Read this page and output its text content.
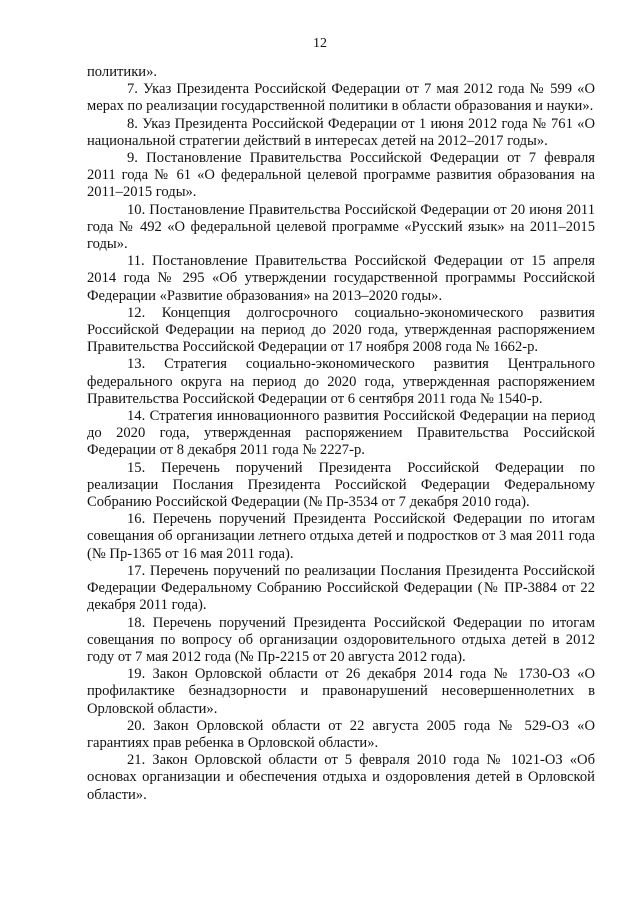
12

политики».

7. Указ Президента Российской Федерации от 7 мая 2012 года № 599 «О мерах по реализации государственной политики в области образования и науки».

8. Указ Президента Российской Федерации от 1 июня 2012 года № 761 «О национальной стратегии действий в интересах детей на 2012–2017 годы».

9. Постановление Правительства Российской Федерации от 7 февраля 2011 года № 61 «О федеральной целевой программе развития образования на 2011–2015 годы».

10. Постановление Правительства Российской Федерации от 20 июня 2011 года № 492 «О федеральной целевой программе «Русский язык» на 2011–2015 годы».

11. Постановление Правительства Российской Федерации от 15 апреля 2014 года № 295 «Об утверждении государственной программы Российской Федерации «Развитие образования» на 2013–2020 годы».

12. Концепция долгосрочного социально-экономического развития Российской Федерации на период до 2020 года, утвержденная распоряжением Правительства Российской Федерации от 17 ноября 2008 года № 1662-р.

13. Стратегия социально-экономического развития Центрального федерального округа на период до 2020 года, утвержденная распоряжением Правительства Российской Федерации от 6 сентября 2011 года № 1540-р.

14. Стратегия инновационного развития Российской Федерации на период до 2020 года, утвержденная распоряжением Правительства Российской Федерации от 8 декабря 2011 года № 2227-р.

15. Перечень поручений Президента Российской Федерации по реализации Послания Президента Российской Федерации Федеральному Собранию Российской Федерации (№ Пр-3534 от 7 декабря 2010 года).

16. Перечень поручений Президента Российской Федерации по итогам совещания об организации летнего отдыха детей и подростков от 3 мая 2011 года (№ Пр-1365 от 16 мая 2011 года).

17. Перечень поручений по реализации Послания Президента Российской Федерации Федеральному Собранию Российской Федерации (№ ПР-3884 от 22 декабря 2011 года).

18. Перечень поручений Президента Российской Федерации по итогам совещания по вопросу об организации оздоровительного отдыха детей в 2012 году от 7 мая 2012 года (№ Пр-2215 от 20 августа 2012 года).

19. Закон Орловской области от 26 декабря 2014 года № 1730-ОЗ «О профилактике безнадзорности и правонарушений несовершеннолетних в Орловской области».

20. Закон Орловской области от 22 августа 2005 года № 529-ОЗ «О гарантиях прав ребенка в Орловской области».

21. Закон Орловской области от 5 февраля 2010 года № 1021-ОЗ «Об основах организации и обеспечения отдыха и оздоровления детей в Орловской области».
